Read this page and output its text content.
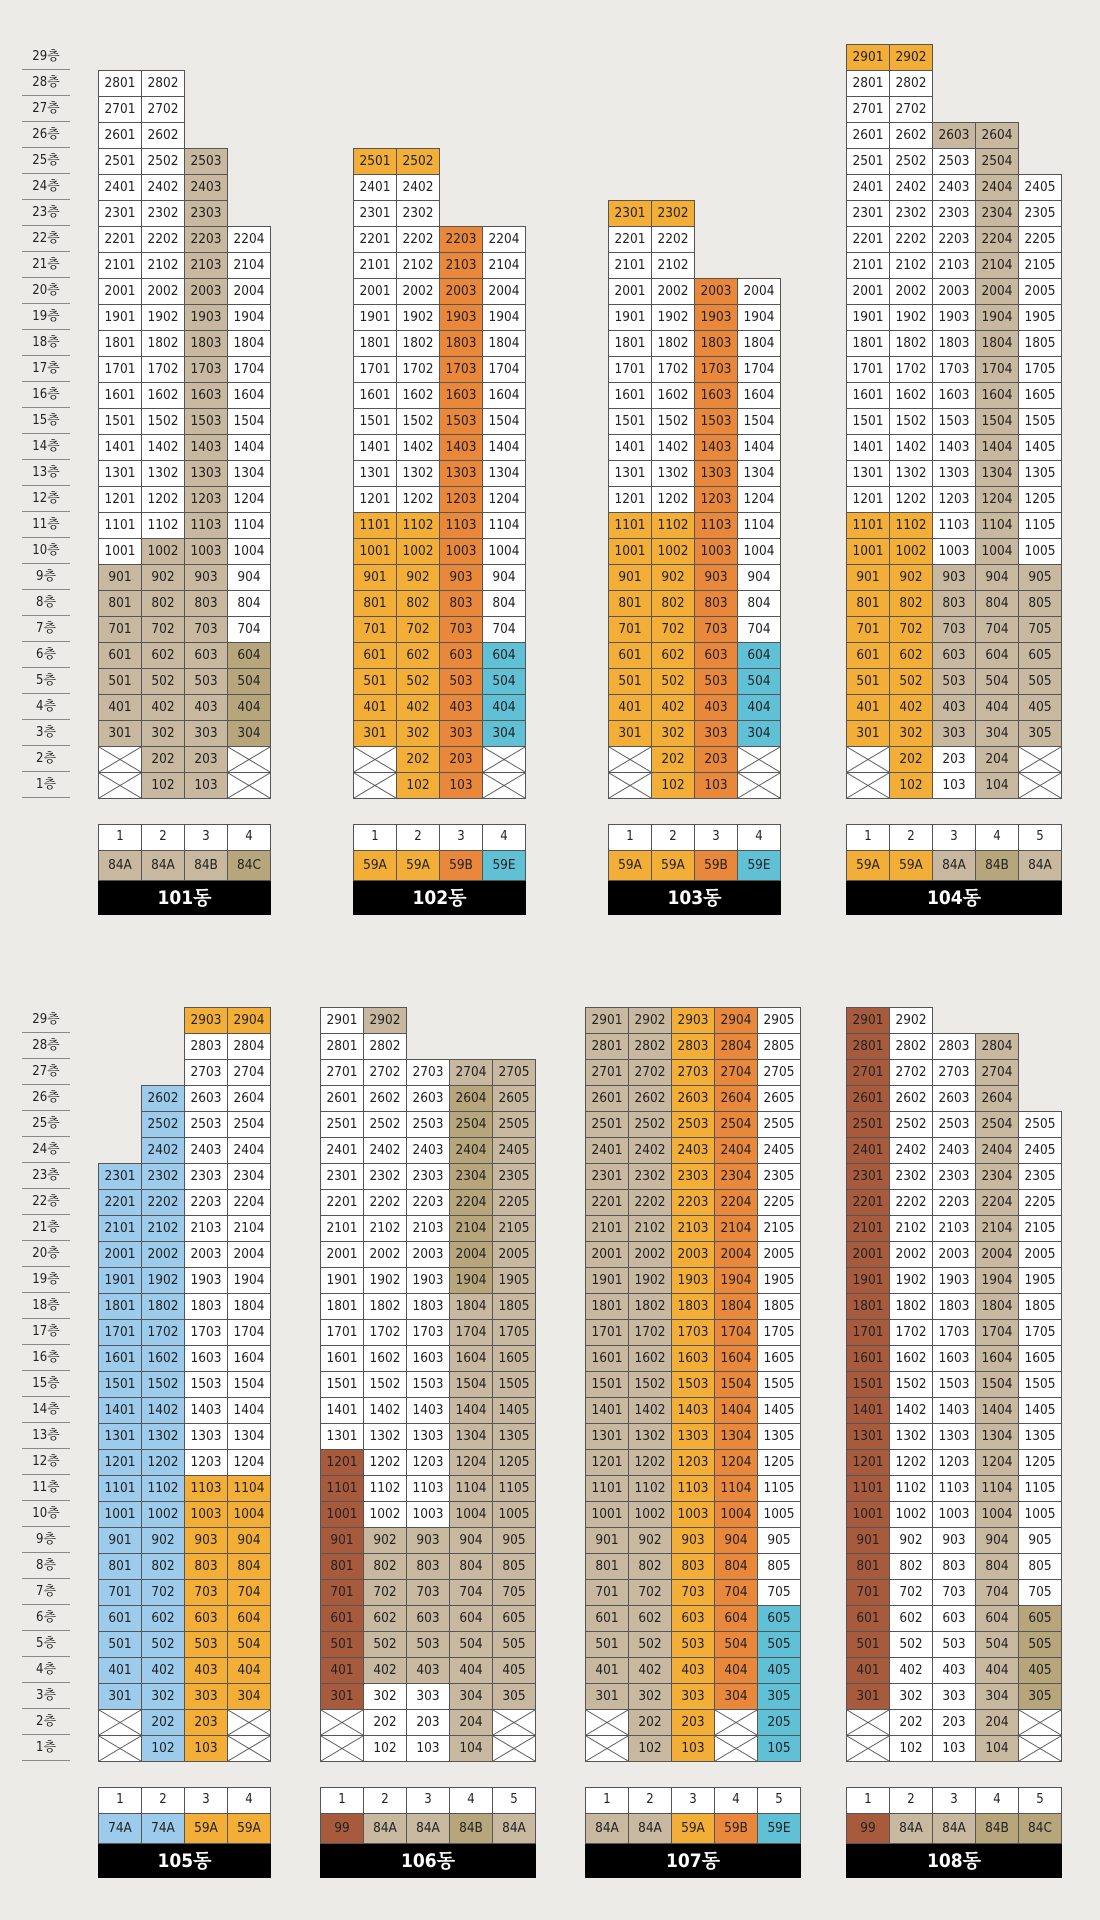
1층
2층
3층
4층
5층
6층
7층
8층
9층
10층
11층
12층
13층
14층
15층
16층
17층
18층
19층
20층
21층
22층
23층
24층
25층
26층
27층
28층
29층
1층
2층
3층
4층
5층
6층
7층
8층
9층
10층
11층
12층
13층
14층
15층
16층
17층
18층
19층
20층
21층
22층
23층
24층
25층
26층
27층
28층
29층
301
401
501
601
701
801
901
1001
1101
1201
1301
1401
1501
1601
1701
1801
1901
2001
2101
2201
2301
2401
2501
2601
2701
2801
102
202
302
402
502
602
702
802
902
1002
1102
1202
1302
1402
1502
1602
1702
1802
1902
2002
2102
2202
2302
2402
2502
2602
2702
2802
103
203
303
403
503
603
703
803
903
1003
1103
1203
1303
1403
1503
1603
1703
1803
1903
2003
2103
2203
2303
2403
2503
304
404
504
604
704
804
904
1004
1104
1204
1304
1404
1504
1604
1704
1804
1904
2004
2104
2204
1
84A
2
84A
3
84B
4
84C
101동
301
401
501
601
701
801
901
1001
1101
1201
1301
1401
1501
1601
1701
1801
1901
2001
2101
2201
2301
2401
2501
102
202
302
402
502
602
702
802
902
1002
1102
1202
1302
1402
1502
1602
1702
1802
1902
2002
2102
2202
2302
2402
2502
103
203
303
403
503
603
703
803
903
1003
1103
1203
1303
1403
1503
1603
1703
1803
1903
2003
2103
2203
304
404
504
604
704
804
904
1004
1104
1204
1304
1404
1504
1604
1704
1804
1904
2004
2104
2204
1
59A
2
59A
3
59B
4
59E
102동
301
401
501
601
701
801
901
1001
1101
1201
1301
1401
1501
1601
1701
1801
1901
2001
2101
2201
2301
102
202
302
402
502
602
702
802
902
1002
1102
1202
1302
1402
1502
1602
1702
1802
1902
2002
2102
2202
2302
103
203
303
403
503
603
703
803
903
1003
1103
1203
1303
1403
1503
1603
1703
1803
1903
2003
304
404
504
604
704
804
904
1004
1104
1204
1304
1404
1504
1604
1704
1804
1904
2004
1
59A
2
59A
3
59B
4
59E
103동
301
401
501
601
701
801
901
1001
1101
1201
1301
1401
1501
1601
1701
1801
1901
2001
2101
2201
2301
2401
2501
2601
2701
2801
2901
102
202
302
402
502
602
702
802
902
1002
1102
1202
1302
1402
1502
1602
1702
1802
1902
2002
2102
2202
2302
2402
2502
2602
2702
2802
2902
103
203
303
403
503
603
703
803
903
1003
1103
1203
1303
1403
1503
1603
1703
1803
1903
2003
2103
2203
2303
2403
2503
2603
104
204
304
404
504
604
704
804
904
1004
1104
1204
1304
1404
1504
1604
1704
1804
1904
2004
2104
2204
2304
2404
2504
2604
305
405
505
605
705
805
905
1005
1105
1205
1305
1405
1505
1605
1705
1805
1905
2005
2105
2205
2305
2405
1
59A
2
59A
3
84A
4
84B
5
84A
104동
301
401
501
601
701
801
901
1001
1101
1201
1301
1401
1501
1601
1701
1801
1901
2001
2101
2201
2301
102
202
302
402
502
602
702
802
902
1002
1102
1202
1302
1402
1502
1602
1702
1802
1902
2002
2102
2202
2302
2402
2502
2602
103
203
303
403
503
603
703
803
903
1003
1103
1203
1303
1403
1503
1603
1703
1803
1903
2003
2103
2203
2303
2403
2503
2603
2703
2803
2903
304
404
504
604
704
804
904
1004
1104
1204
1304
1404
1504
1604
1704
1804
1904
2004
2104
2204
2304
2404
2504
2604
2704
2804
2904
1
74A
2
74A
3
59A
4
59A
105동
301
401
501
601
701
801
901
1001
1101
1201
1301
1401
1501
1601
1701
1801
1901
2001
2101
2201
2301
2401
2501
2601
2701
2801
2901
102
202
302
402
502
602
702
802
902
1002
1102
1202
1302
1402
1502
1602
1702
1802
1902
2002
2102
2202
2302
2402
2502
2602
2702
2802
2902
103
203
303
403
503
603
703
803
903
1003
1103
1203
1303
1403
1503
1603
1703
1803
1903
2003
2103
2203
2303
2403
2503
2603
2703
104
204
304
404
504
604
704
804
904
1004
1104
1204
1304
1404
1504
1604
1704
1804
1904
2004
2104
2204
2304
2404
2504
2604
2704
305
405
505
605
705
805
905
1005
1105
1205
1305
1405
1505
1605
1705
1805
1905
2005
2105
2205
2305
2405
2505
2605
2705
1
99
2
84A
3
84A
4
84B
5
84A
106동
301
401
501
601
701
801
901
1001
1101
1201
1301
1401
1501
1601
1701
1801
1901
2001
2101
2201
2301
2401
2501
2601
2701
2801
2901
102
202
302
402
502
602
702
802
902
1002
1102
1202
1302
1402
1502
1602
1702
1802
1902
2002
2102
2202
2302
2402
2502
2602
2702
2802
2902
103
203
303
403
503
603
703
803
903
1003
1103
1203
1303
1403
1503
1603
1703
1803
1903
2003
2103
2203
2303
2403
2503
2603
2703
2803
2903
304
404
504
604
704
804
904
1004
1104
1204
1304
1404
1504
1604
1704
1804
1904
2004
2104
2204
2304
2404
2504
2604
2704
2804
2904
105
205
305
405
505
605
705
805
905
1005
1105
1205
1305
1405
1505
1605
1705
1805
1905
2005
2105
2205
2305
2405
2505
2605
2705
2805
2905
1
84A
2
84A
3
59A
4
59B
5
59E
107동
301
401
501
601
701
801
901
1001
1101
1201
1301
1401
1501
1601
1701
1801
1901
2001
2101
2201
2301
2401
2501
2601
2701
2801
2901
102
202
302
402
502
602
702
802
902
1002
1102
1202
1302
1402
1502
1602
1702
1802
1902
2002
2102
2202
2302
2402
2502
2602
2702
2802
2902
103
203
303
403
503
603
703
803
903
1003
1103
1203
1303
1403
1503
1603
1703
1803
1903
2003
2103
2203
2303
2403
2503
2603
2703
2803
104
204
304
404
504
604
704
804
904
1004
1104
1204
1304
1404
1504
1604
1704
1804
1904
2004
2104
2204
2304
2404
2504
2604
2704
2804
305
405
505
605
705
805
905
1005
1105
1205
1305
1405
1505
1605
1705
1805
1905
2005
2105
2205
2305
2405
2505
1
99
2
84A
3
84A
4
84B
5
84C
108동
